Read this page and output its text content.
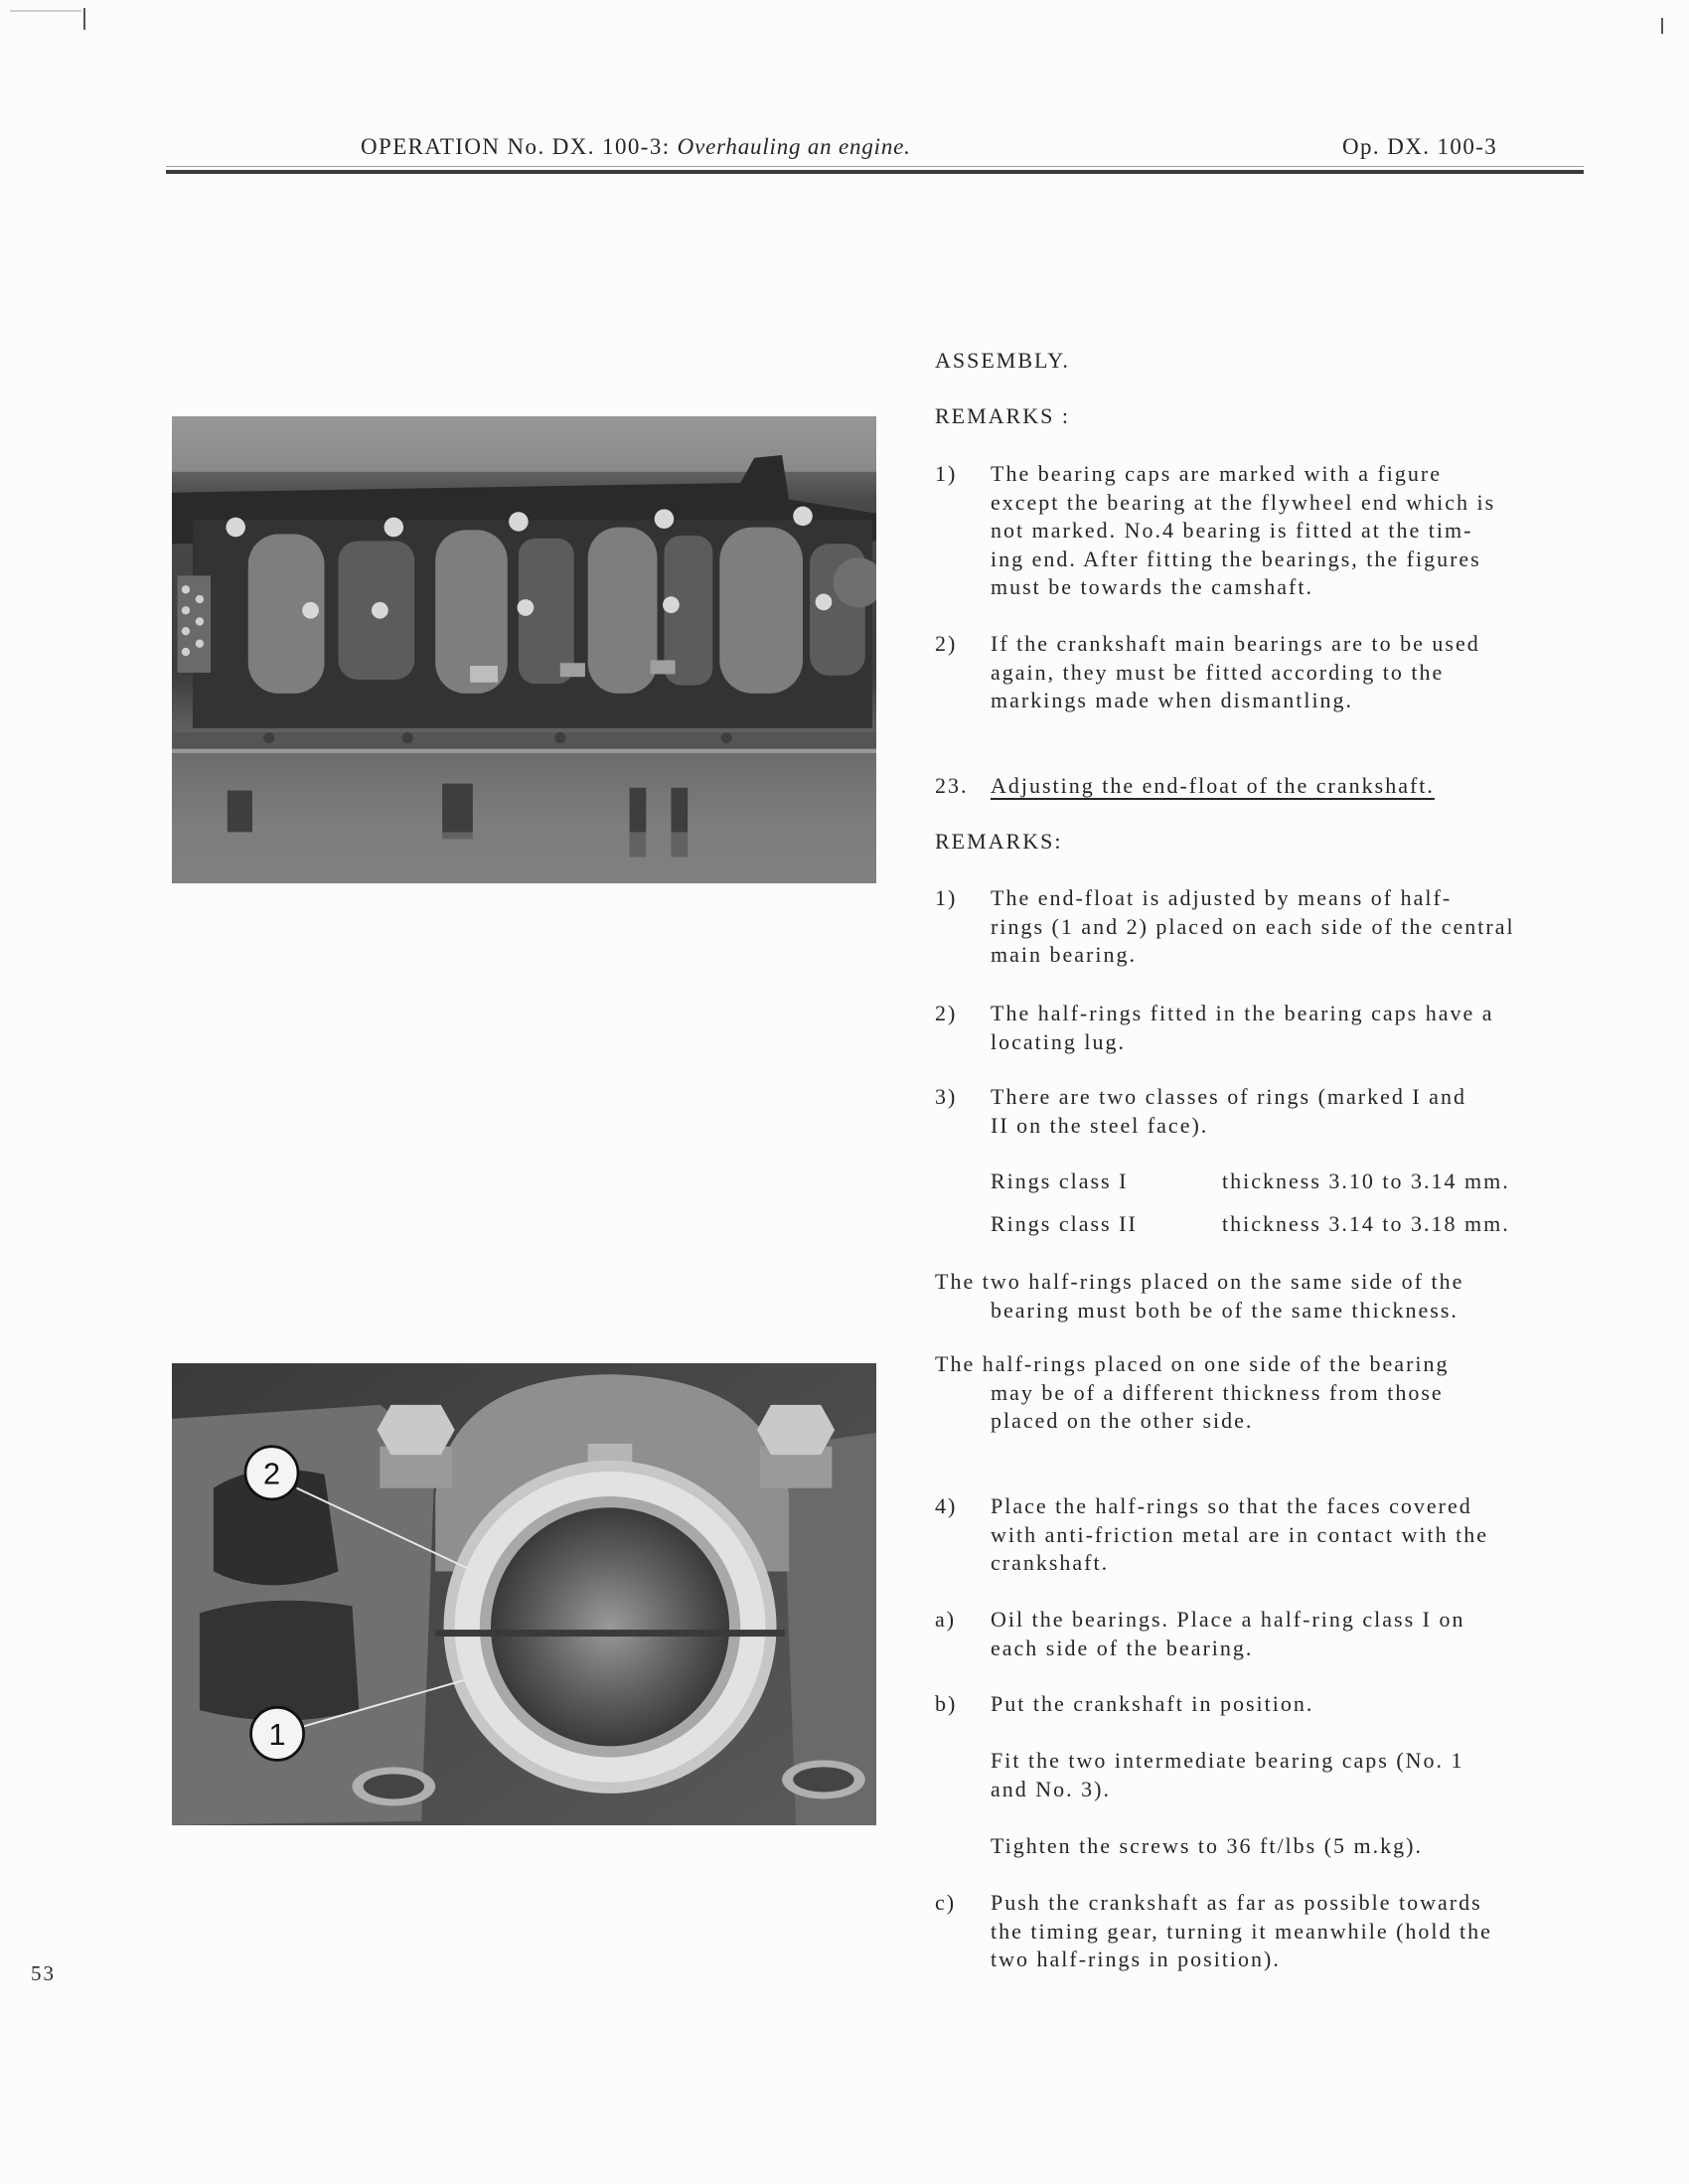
OPERATION No. DX. 100-3: Overhauling an engine.	Op. DX. 100-3
2
1
ASSEMBLY.
REMARKS :
1) The bearing caps are marked with a figure
except the bearing at the flywheel end which is
not marked. No.4 bearing is fitted at the tim-
ing end. After fitting the bearings, the figures
must be towards the camshaft.
2) If the crankshaft main bearings are to be used
again, they must be fitted according to the
markings made when dismantling.
23. Adjusting the end-float of the crankshaft.
REMARKS:
1) The end-float is adjusted by means of half-
rings (1 and 2) placed on each side of the central
main bearing.
2) The half-rings fitted in the bearing caps have a
locating lug.
3) There are two classes of rings (marked I and
II on the steel face).
Rings class I	thickness 3.10 to 3.14 mm.
Rings class II	thickness 3.14 to 3.18 mm.
The two half-rings placed on the same side of the
bearing must both be of the same thickness.
The half-rings placed on one side of the bearing
may be of a different thickness from those
placed on the other side.
4) Place the half-rings so that the faces covered
with anti-friction metal are in contact with the
crankshaft.
a) Oil the bearings. Place a half-ring class I on
each side of the bearing.
b) Put the crankshaft in position.
Fit the two intermediate bearing caps (No. 1
and No. 3).
Tighten the screws to 36 ft/lbs (5 m.kg).
c) Push the crankshaft as far as possible towards
the timing gear, turning it meanwhile (hold the
two half-rings in position).
53
